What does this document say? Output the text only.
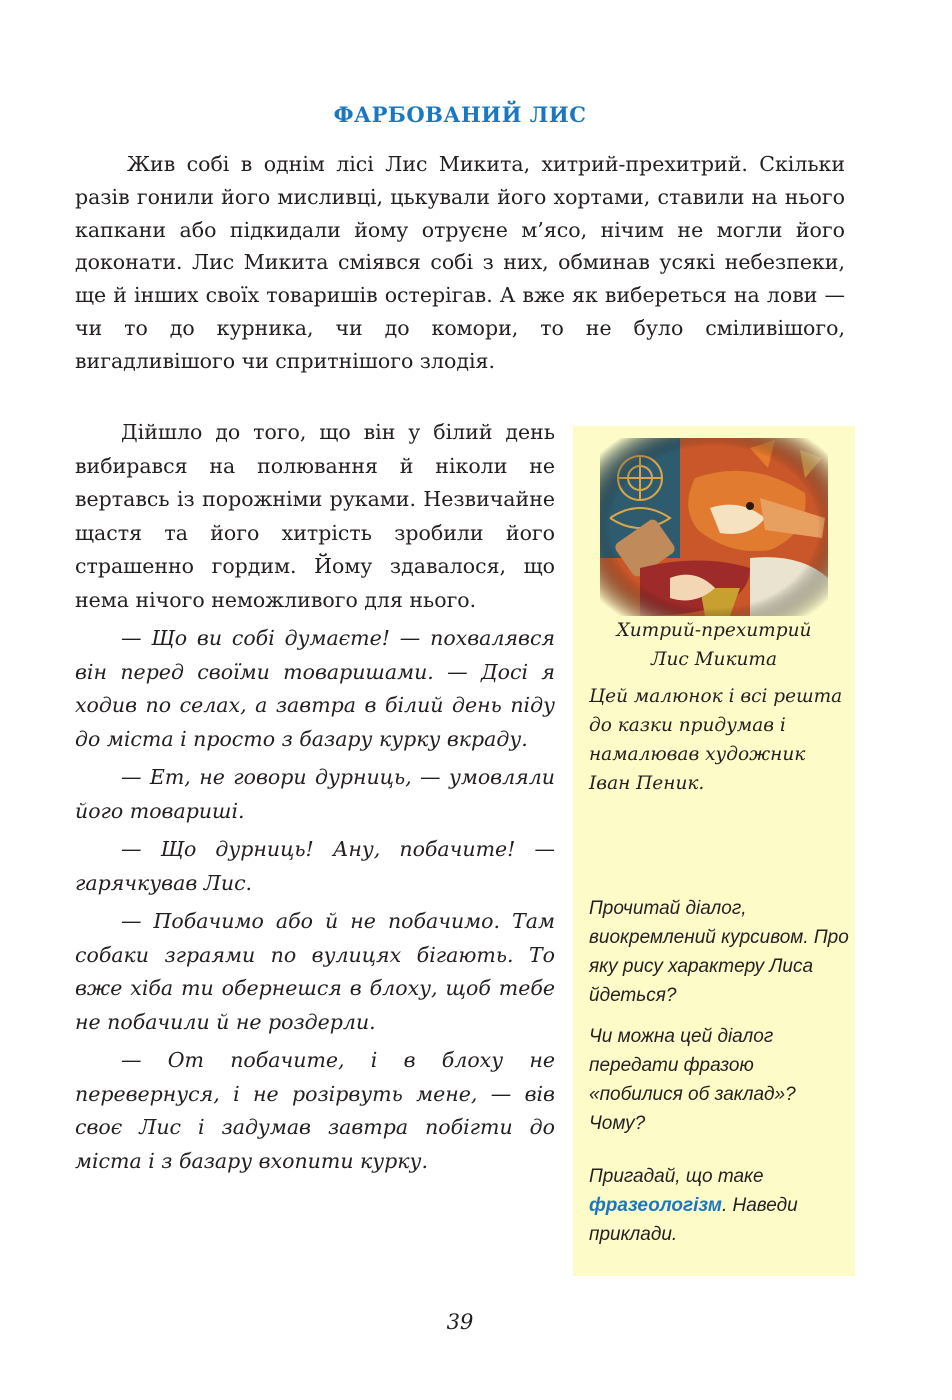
ФАРБОВАНИЙ ЛИС

Жив собі в однім лісі Лис Микита, хитрий-прехитрий. Скільки разів гонили його мисливці, цькували його хортами, ставили на нього капкани або підкидали йому отруєне м’ясо, нічим не могли його доконати. Лис Микита сміявся собі з них, обминав усякі небезпеки, ще й інших своїх товаришів остерігав. А вже як вибереться на лови — чи то до курника, чи до комори, то не було сміливішого, вигадливішого чи спритнішого злодія.

Дійшло до того, що він у білий день вибирався на полювання й ніколи не вертавсь із порожніми руками. Незвичайне щастя та його хитрість зробили його страшенно гордим. Йому здавалося, що нема нічого неможливого для нього.

— Що ви собі думаєте! — похвалявся він перед своїми товаришами. — Досі я ходив по селах, а завтра в білий день піду до міста і просто з базару курку вкраду.

— Ет, не говори дурниць, — умовляли його товариші.

— Що дурниць! Ану, побачите! — гарячкував Лис.

— Побачимо або й не побачимо. Там собаки зграями по вулицях бігають. То вже хіба ти обернешся в блоху, щоб тебе не побачили й не роздерли.

— От побачите, і в блоху не перевернуся, і не розірвуть мене, — вів своє Лис і задумав завтра побігти до міста і з базару вхопити курку.

Хитрий-прехитрий
Лис Микита
Цей малюнок і всі решта до казки придумав і намалював художник Іван Пеник.

Прочитай діалог, виокремлений курсивом. Про яку рису характеру Лиса йдеться?

Чи можна цей діалог передати фразою «побилися об заклад»? Чому?

Пригадай, що таке
фразеологізм. Наведи приклади.

39
